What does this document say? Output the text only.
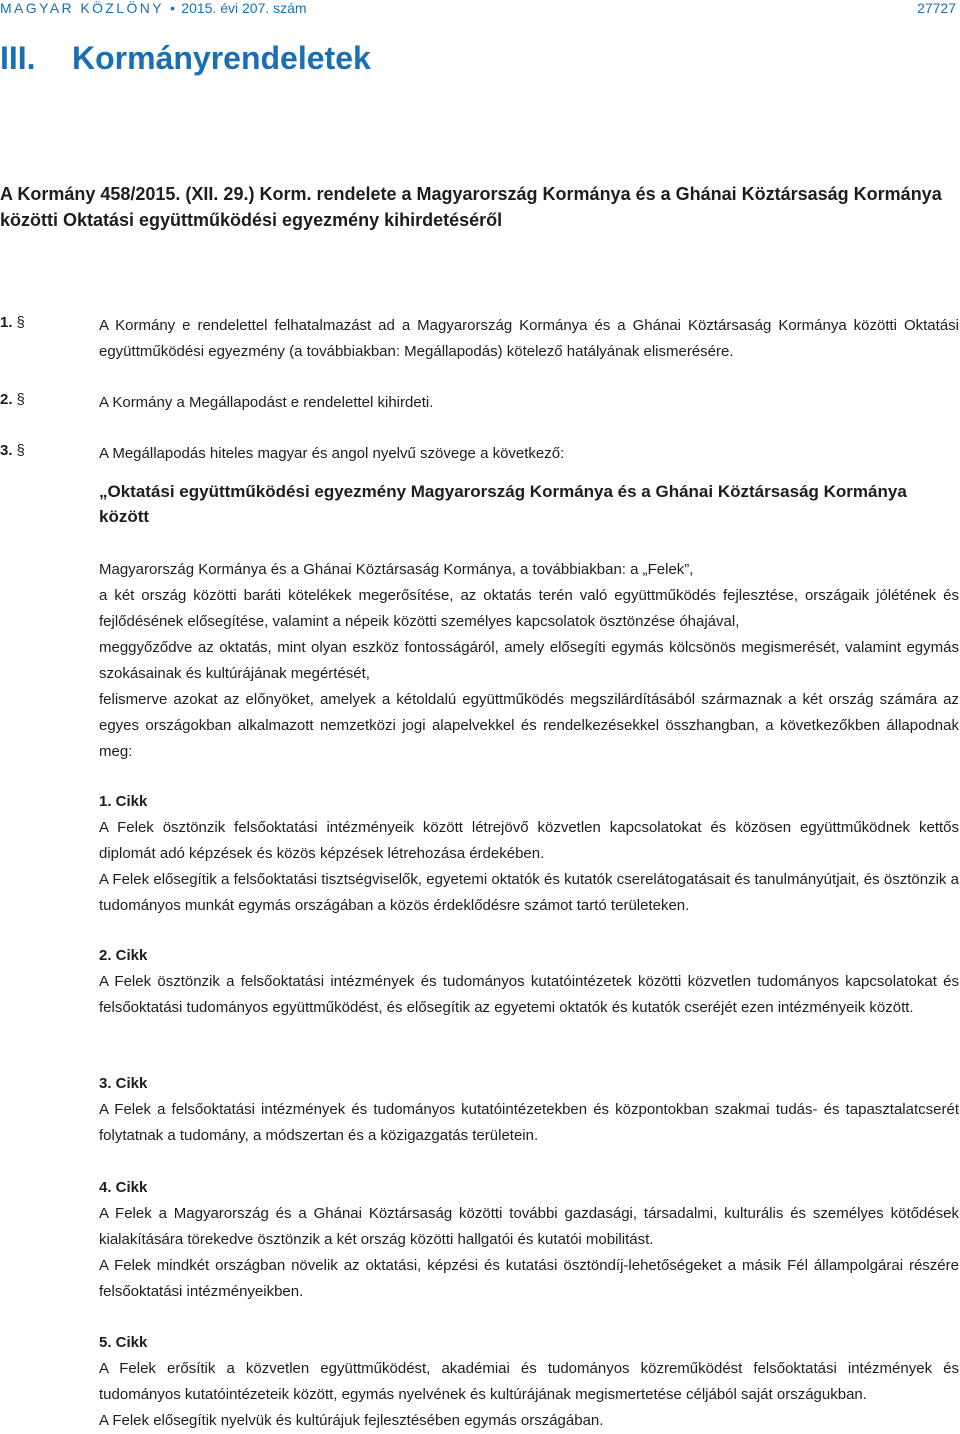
MAGYAR KÖZLÖNY • 2015. évi 207. szám	27727
III. Kormányrendeletek
A Kormány 458/2015. (XII. 29.) Korm. rendelete a Magyarország Kormánya és a Ghánai Köztársaság Kormánya közötti Oktatási együttműködési egyezmény kihirdetéséről
1. §	A Kormány e rendelettel felhatalmazást ad a Magyarország Kormánya és a Ghánai Köztársaság Kormánya közötti Oktatási együttműködési egyezmény (a továbbiakban: Megállapodás) kötelező hatályának elismerésére.
2. §	A Kormány a Megállapodást e rendelettel kihirdeti.
3. §	A Megállapodás hiteles magyar és angol nyelvű szövege a következő:
„Oktatási együttműködési egyezmény Magyarország Kormánya és a Ghánai Köztársaság Kormánya között

Magyarország Kormánya és a Ghánai Köztársaság Kormánya, a továbbiakban: a „Felek”,

a két ország közötti baráti kötelékek megerősítése, az oktatás terén való együttműködés fejlesztése, országaik jólétének és fejlődésének elősegítése, valamint a népeik közötti személyes kapcsolatok ösztönzése óhajával,

meggyőződve az oktatás, mint olyan eszköz fontosságáról, amely elősegíti egymás kölcsönös megismerését, valamint egymás szokásainak és kultúrájának megértését,

felismerve azokat az előnyöket, amelyek a kétoldalú együttműködés megszilárdításából származnak a két ország számára az egyes országokban alkalmazott nemzetközi jogi alapelvekkel és rendelkezésekkel összhangban, a következőkben állapodnak meg:

1. Cikk

A Felek ösztönzik felsőoktatási intézményeik között létrejövő közvetlen kapcsolatokat és közösen együttműködnek kettős diplomát adó képzések és közös képzések létrehozása érdekében.

A Felek elősegítik a felsőoktatási tisztségviselők, egyetemi oktatók és kutatók cserelátogatásait és tanulmányútjait, és ösztönzik a tudományos munkát egymás országában a közös érdeklődésre számot tartó területeken.

2. Cikk

A Felek ösztönzik a felsőoktatási intézmények és tudományos kutatóintézetek közötti közvetlen tudományos kapcsolatokat és felsőoktatási tudományos együttműködést, és elősegítik az egyetemi oktatók és kutatók cseréjét ezen intézményeik között.

3. Cikk

A Felek a felsőoktatási intézmények és tudományos kutatóintézetekben és központokban szakmai tudás- és tapasztalatcserét folytatnak a tudomány, a módszertan és a közigazgatás területein.

4. Cikk

A Felek a Magyarország és a Ghánai Köztársaság közötti további gazdasági, társadalmi, kulturális és személyes kötődések kialakítására törekedve ösztönzik a két ország közötti hallgatói és kutatói mobilitást.

A Felek mindkét országban növelik az oktatási, képzési és kutatási ösztöndíj-lehetőségeket a másik Fél állampolgárai részére felsőoktatási intézményeikben.

5. Cikk

A Felek erősítik a közvetlen együttműködést, akadémiai és tudományos közreműködést felsőoktatási intézmények és tudományos kutatóintézeteik között, egymás nyelvének és kultúrájának megismertetése céljából saját országukban.

A Felek elősegítik nyelvük és kultúrájuk fejlesztésében egymás országában.
